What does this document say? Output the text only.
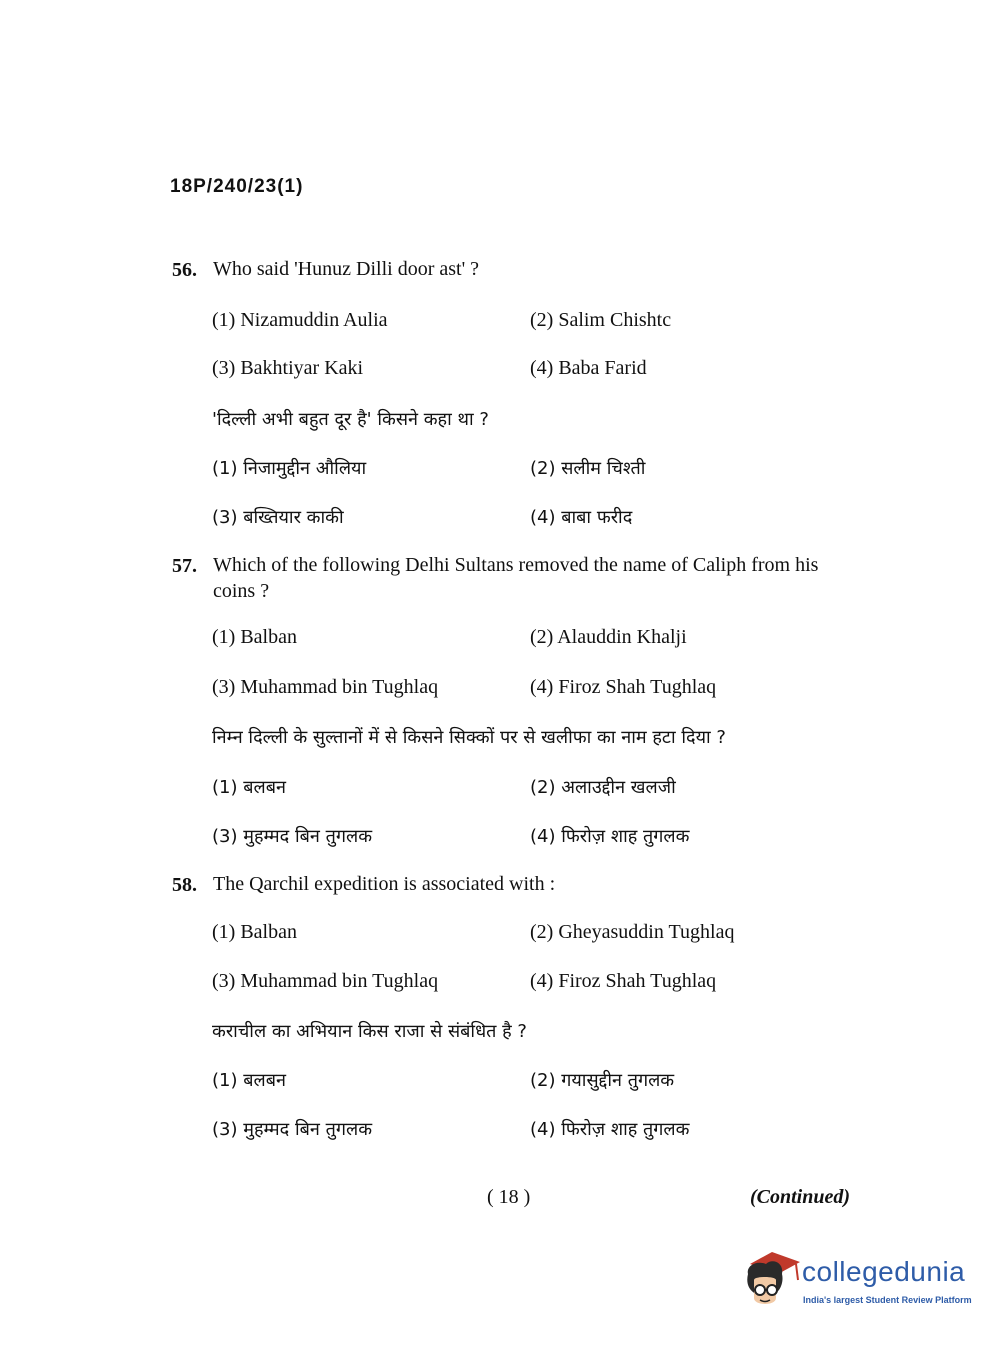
18P/240/23(1)
56. Who said 'Hunuz Dilli door ast' ?
(1) Nizamuddin Aulia	(2) Salim Chishtc
(3) Bakhtiyar Kaki	(4) Baba Farid
'दिल्ली अभी बहुत दूर है' किसने कहा था ?
(1) निजामुद्दीन औलिया	(2) सलीम चिश्ती
(3) बख्तियार काकी	(4) बाबा फरीद
57. Which of the following Delhi Sultans removed the name of Caliph from his
coins ?
(1) Balban	(2) Alauddin Khalji
(3) Muhammad bin Tughlaq	(4) Firoz Shah Tughlaq
निम्न दिल्ली के सुल्तानों में से किसने सिक्कों पर से खलीफा का नाम हटा दिया ?
(1) बलबन	(2) अलाउद्दीन खलजी
(3) मुहम्मद बिन तुगलक	(4) फिरोज़ शाह तुगलक
58. The Qarchil expedition is associated with :
(1) Balban	(2) Gheyasuddin Tughlaq
(3) Muhammad bin Tughlaq	(4) Firoz Shah Tughlaq
कराचील का अभियान किस राजा से संबंधित है ?
(1) बलबन	(2) गयासुद्दीन तुगलक
(3) मुहम्मद बिन तुगलक	(4) फिरोज़ शाह तुगलक
( 18 )	(Continued)
collegedunia
India's largest Student Review Platform
